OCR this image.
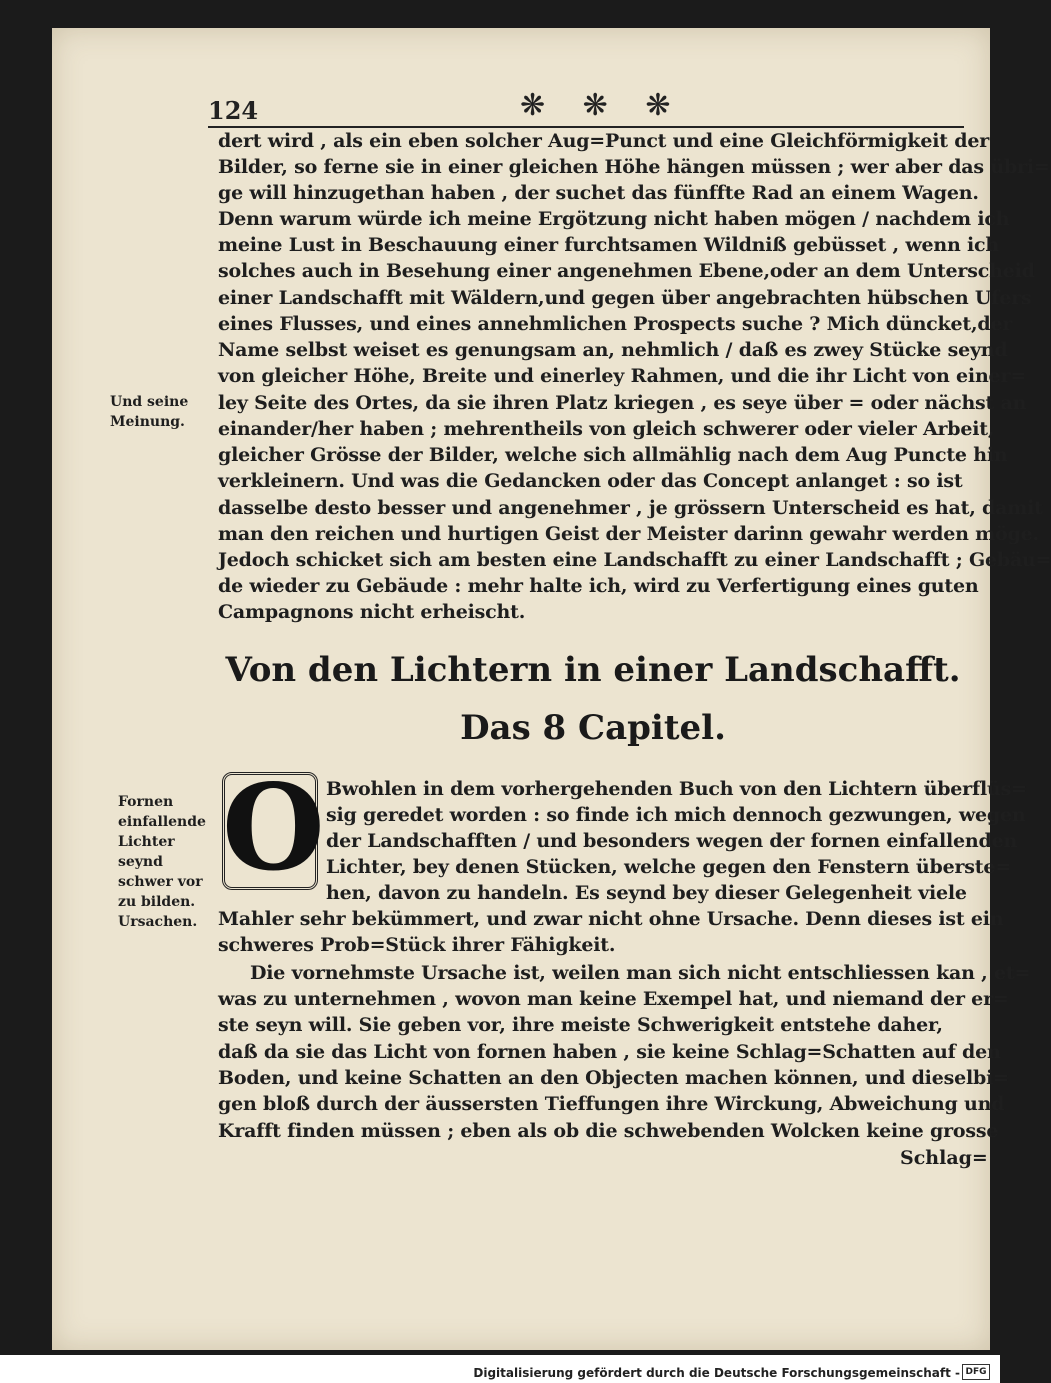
124	❋ ❋ ❋
Und seine
Meinung.
Fornen
einfallende
Lichter
seynd
schwer vor
zu bilden.
Ursachen.
dert wird , als ein eben solcher Aug=Punct und eine Gleichförmigkeit der
Bilder, so ferne sie in einer gleichen Höhe hängen müssen ; wer aber das übri=
ge will hinzugethan haben , der suchet das fünffte Rad an einem Wagen.
Denn warum würde ich meine Ergötzung nicht haben mögen / nachdem ich
meine Lust in Beschauung einer furchtsamen Wildniß gebüsset , wenn ich
solches auch in Besehung einer angenehmen Ebene,oder an dem Unterscheid
einer Landschafft mit Wäldern,und gegen über angebrachten hübschen Ufers
eines Flusses, und eines annehmlichen Prospects suche ? Mich düncket,der
Name selbst weiset es genungsam an, nehmlich / daß es zwey Stücke seynd
von gleicher Höhe, Breite und einerley Rahmen, und die ihr Licht von einer=
ley Seite des Ortes, da sie ihren Platz kriegen , es seye über = oder nächst an
einander/her haben ; mehrentheils von gleich schwerer oder vieler Arbeit,
gleicher Grösse der Bilder, welche sich allmählig nach dem Aug Puncte hin
verkleinern. Und was die Gedancken oder das Concept anlanget : so ist
dasselbe desto besser und angenehmer , je grössern Unterscheid es hat, damit
man den reichen und hurtigen Geist der Meister darinn gewahr werden möge.
Jedoch schicket sich am besten eine Landschafft zu einer Landschafft ; Gebäu=
de wieder zu Gebäude : mehr halte ich, wird zu Verfertigung eines guten
Campagnons nicht erheischt.
Von den Lichtern in einer Landschafft.
Das 8 Capitel.
O Bwohlen in dem vorhergehenden Buch von den Lichtern überflüs=
sig geredet worden : so finde ich mich dennoch gezwungen, wegen
der Landschafften / und besonders wegen der fornen einfallenden
Lichter, bey denen Stücken, welche gegen den Fenstern überste=
hen, davon zu handeln. Es seynd bey dieser Gelegenheit viele
Mahler sehr bekümmert, und zwar nicht ohne Ursache. Denn dieses ist ein
schweres Prob=Stück ihrer Fähigkeit.
Die vornehmste Ursache ist, weilen man sich nicht entschliessen kan , et=
was zu unternehmen , wovon man keine Exempel hat, und niemand der er=
ste seyn will. Sie geben vor, ihre meiste Schwerigkeit entstehe daher,
daß da sie das Licht von fornen haben , sie keine Schlag=Schatten auf den
Boden, und keine Schatten an den Objecten machen können, und dieselbi=
gen bloß durch der äussersten Tieffungen ihre Wirckung, Abweichung und
Krafft finden müssen ; eben als ob die schwebenden Wolcken keine grosse
Schlag=
Digitalisierung gefördert durch die Deutsche Forschungsgemeinschaft - DFG
